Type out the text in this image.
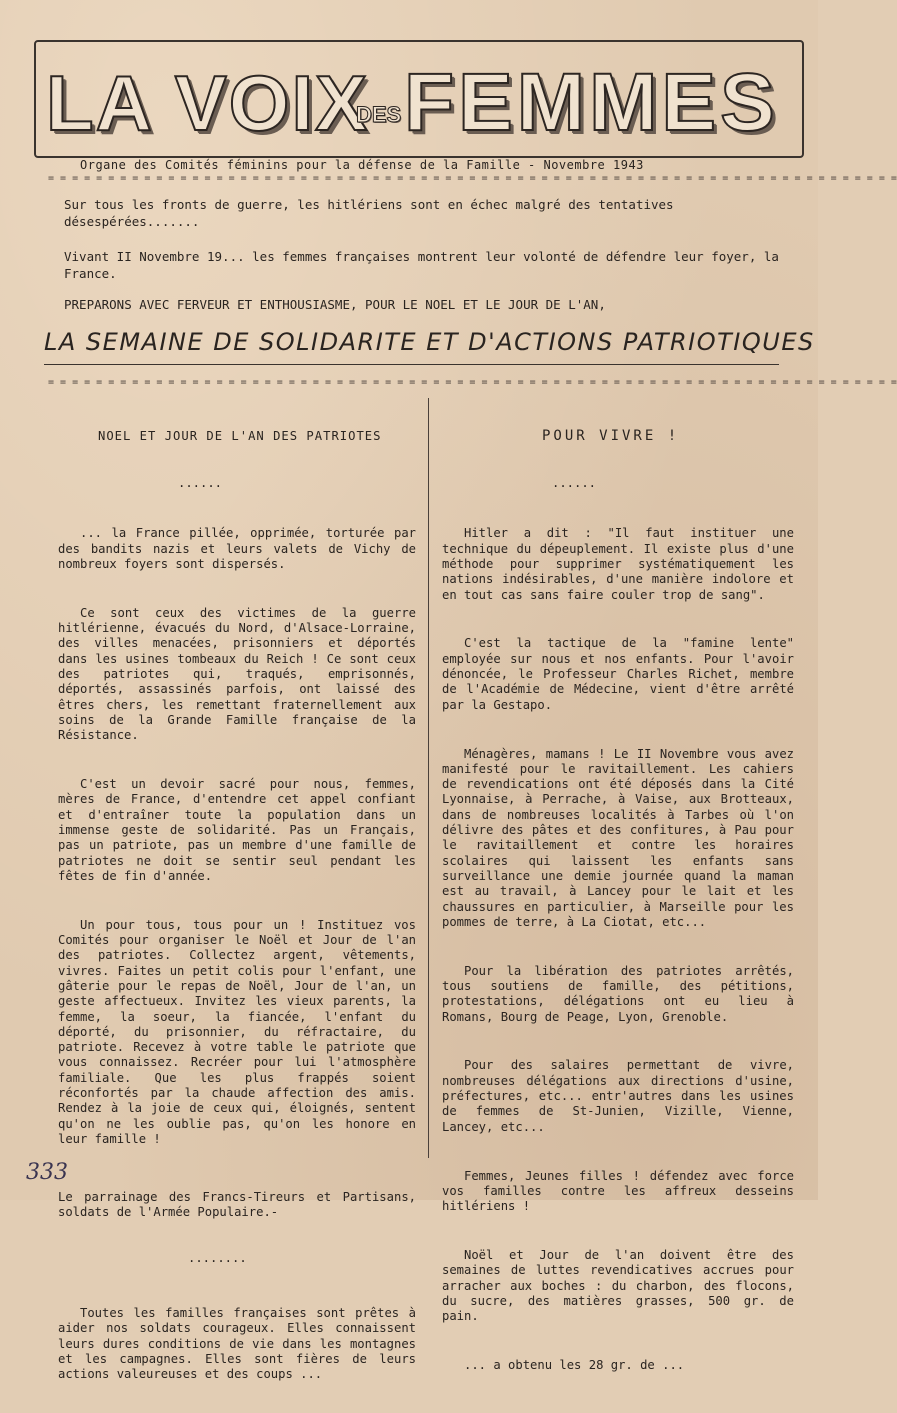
LA VOIX
DES FEMMES
Organe des Comités féminins pour la défense de la Famille - Novembre 1943
= = = = = = = = = = = = = = = = = = = = = = = = = = = = = = = = = = = = = = = = = = = = = = = = = = = = = = = = = = = = = = = = = = = = = = =
Sur tous les fronts de guerre, les hitlériens sont en échec malgré des tentatives désespérées.......
Vivant II Novembre 19... les femmes françaises montrent leur volonté de défendre leur foyer, la France.
PREPARONS AVEC FERVEUR ET ENTHOUSIASME, POUR LE NOEL ET LE JOUR DE L'AN,
LA SEMAINE DE SOLIDARITE ET D'ACTIONS PATRIOTIQUES
= = = = = = = = = = = = = = = = = = = = = = = = = = = = = = = = = = = = = = = = = = = = = = = = = = = = = = = = = = = = = = = = = = = = = = =

NOEL ET JOUR DE L'AN DES PATRIOTES

......

... la France pillée, opprimée, torturée par des bandits nazis et leurs valets de Vichy de nombreux foyers sont dispersés.

Ce sont ceux des victimes de la guerre hitlérienne, évacués du Nord, d'Alsace-Lorraine, des villes menacées, prisonniers et déportés dans les usines tombeaux du Reich ! Ce sont ceux des patriotes qui, traqués, emprisonnés, déportés, assassinés parfois, ont laissé des êtres chers, les remettant fraternellement aux soins de la Grande Famille française de la Résistance.

C'est un devoir sacré pour nous, femmes, mères de France, d'entendre cet appel confiant et d'entraîner toute la population dans un immense geste de solidarité. Pas un Français, pas un patriote, pas un membre d'une famille de patriotes ne doit se sentir seul pendant les fêtes de fin d'année.

Un pour tous, tous pour un ! Instituez vos Comités pour organiser le Noël et Jour de l'an des patriotes. Collectez argent, vêtements, vivres. Faites un petit colis pour l'enfant, une gâterie pour le repas de Noël, Jour de l'an, un geste affectueux. Invitez les vieux parents, la femme, la soeur, la fiancée, l'enfant du déporté, du prisonnier, du réfractaire, du patriote. Recevez à votre table le patriote que vous connaissez. Recréer pour lui l'atmosphère familiale. Que les plus frappés soient réconfortés par la chaude affection des amis. Rendez à la joie de ceux qui, éloignés, sentent qu'on ne les oublie pas, qu'on les honore en leur famille !

Le parrainage des Francs-Tireurs et Partisans, soldats de l'Armée Populaire.-

........

Toutes les familles françaises sont prêtes à aider nos soldats courageux. Elles connaissent leurs dures conditions de vie dans les montagnes et les campagnes. Elles sont fières de leurs actions valeureuses et des coups ...

POUR VIVRE !

......

Hitler a dit : "Il faut instituer une technique du dépeuplement. Il existe plus d'une méthode pour supprimer systématiquement les nations indésirables, d'une manière indolore et en tout cas sans faire couler trop de sang".

C'est la tactique de la "famine lente" employée sur nous et nos enfants. Pour l'avoir dénoncée, le Professeur Charles Richet, membre de l'Académie de Médecine, vient d'être arrêté par la Gestapo.

Ménagères, mamans ! Le II Novembre vous avez manifesté pour le ravitaillement. Les cahiers de revendications ont été déposés dans la Cité Lyonnaise, à Perrache, à Vaise, aux Brotteaux, dans de nombreuses localités à Tarbes où l'on délivre des pâtes et des confitures, à Pau pour le ravitaillement et contre les horaires scolaires qui laissent les enfants sans surveillance une demie journée quand la maman est au travail, à Lancey pour le lait et les chaussures en particulier, à Marseille pour les pommes de terre, à La Ciotat, etc...

Pour la libération des patriotes arrêtés, tous soutiens de famille, des pétitions, protestations, délégations ont eu lieu à Romans, Bourg de Peage, Lyon, Grenoble.

Pour des salaires permettant de vivre, nombreuses délégations aux directions d'usine, préfectures, etc... entr'autres dans les usines de femmes de St-Junien, Vizille, Vienne, Lancey, etc...

Femmes, Jeunes filles ! défendez avec force vos familles contre les affreux desseins hitlériens !

Noël et Jour de l'an doivent être des semaines de luttes revendicatives accrues pour arracher aux boches : du charbon, des flocons, du sucre, des matières grasses, 500 gr. de pain.

... a obtenu les 28 gr. de ...

333
